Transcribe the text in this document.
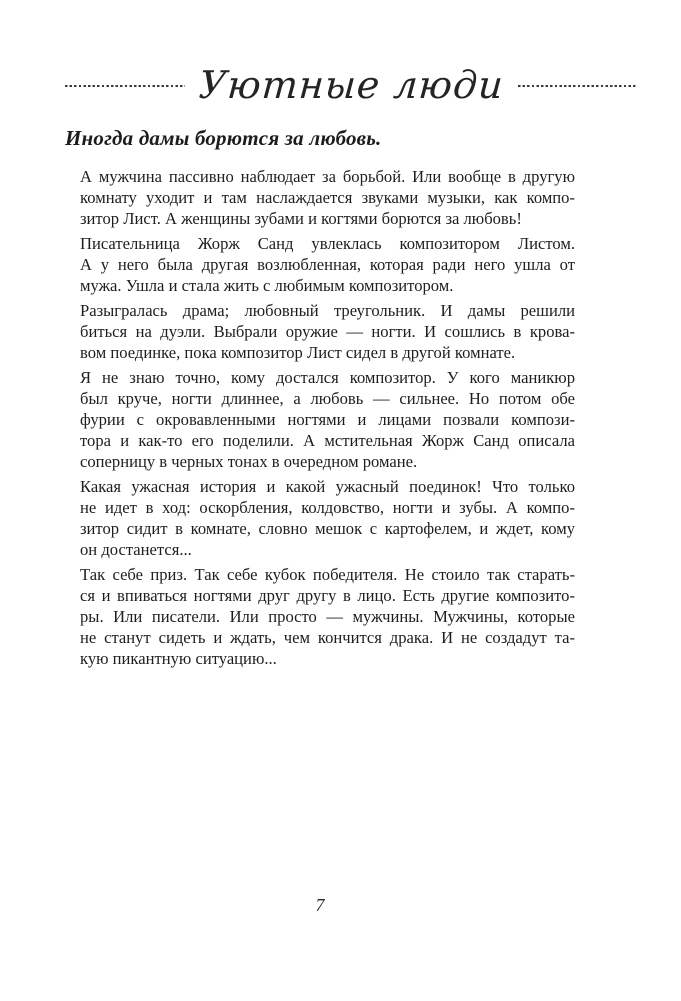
Уютные люди
Иногда дамы борются за любовь.
А мужчина пассивно наблюдает за борьбой. Или вообще в другую
комнату уходит и там наслаждается звуками музыки, как компо-
зитор Лист. А женщины зубами и когтями борются за любовь!
Писательница Жорж Санд увлеклась композитором Листом.
А у него была другая возлюбленная, которая ради него ушла от
мужа. Ушла и стала жить с любимым композитором.
Разыгралась драма; любовный треугольник. И дамы решили
биться на дуэли. Выбрали оружие — ногти. И сошлись в крова-
вом поединке, пока композитор Лист сидел в другой комнате.
Я не знаю точно, кому достался композитор. У кого маникюр
был круче, ногти длиннее, а любовь — сильнее. Но потом обе
фурии с окровавленными ногтями и лицами позвали компози-
тора и как-то его поделили. А мстительная Жорж Санд описала
соперницу в черных тонах в очередном романе.
Какая ужасная история и какой ужасный поединок! Что только
не идет в ход: оскорбления, колдовство, ногти и зубы. А компо-
зитор сидит в комнате, словно мешок с картофелем, и ждет, кому
он достанется...
Так себе приз. Так себе кубок победителя. Не стоило так старать-
ся и впиваться ногтями друг другу в лицо. Есть другие композито-
ры. Или писатели. Или просто — мужчины. Мужчины, которые
не станут сидеть и ждать, чем кончится драка. И не создадут та-
кую пикантную ситуацию...
7
